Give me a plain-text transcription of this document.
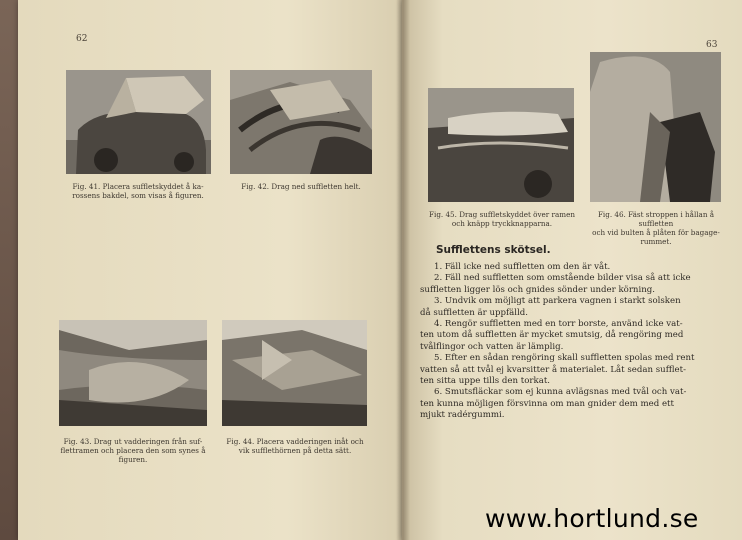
62
Fig. 41. Placera suffletskyddet å ka-
rossens bakdel, som visas å figuren.
Fig. 42. Drag ned suffletten helt.
Fig. 43. Drag ut vadderingen från suf-
flettramen och placera den som synes å
figuren.
Fig. 44. Placera vadderingen inåt och
vik sufflethörnen på detta sätt.
63
Fig. 45. Drag suffletskyddet över ramen
och knäpp tryckknapparna.
Fig. 46. Fäst stroppen i hållan å suffletten
och vid bulten å plåten för bagage-
rummet.
Sufflettens skötsel.
1. Fäll icke ned suffletten om den är våt.
2. Fäll ned suffletten som omstående bilder visa så att icke
suffletten ligger lös och gnides sönder under körning.
3. Undvik om möjligt att parkera vagnen i starkt solsken
då suffletten är uppfälld.
4. Rengör suffletten med en torr borste, använd icke vat-
ten utom då suffletten är mycket smutsig, då rengöring med
tvålflingor och vatten är lämplig.
5. Efter en sådan rengöring skall suffletten spolas med rent
vatten så att tvål ej kvarsitter å materialet. Låt sedan sufflet-
ten sitta uppe tills den torkat.
6. Smutsfläckar som ej kunna avlägsnas med tvål och vat-
ten kunna möjligen försvinna om man gnider dem med ett
mjukt radérgummi.
www.hortlund.se
